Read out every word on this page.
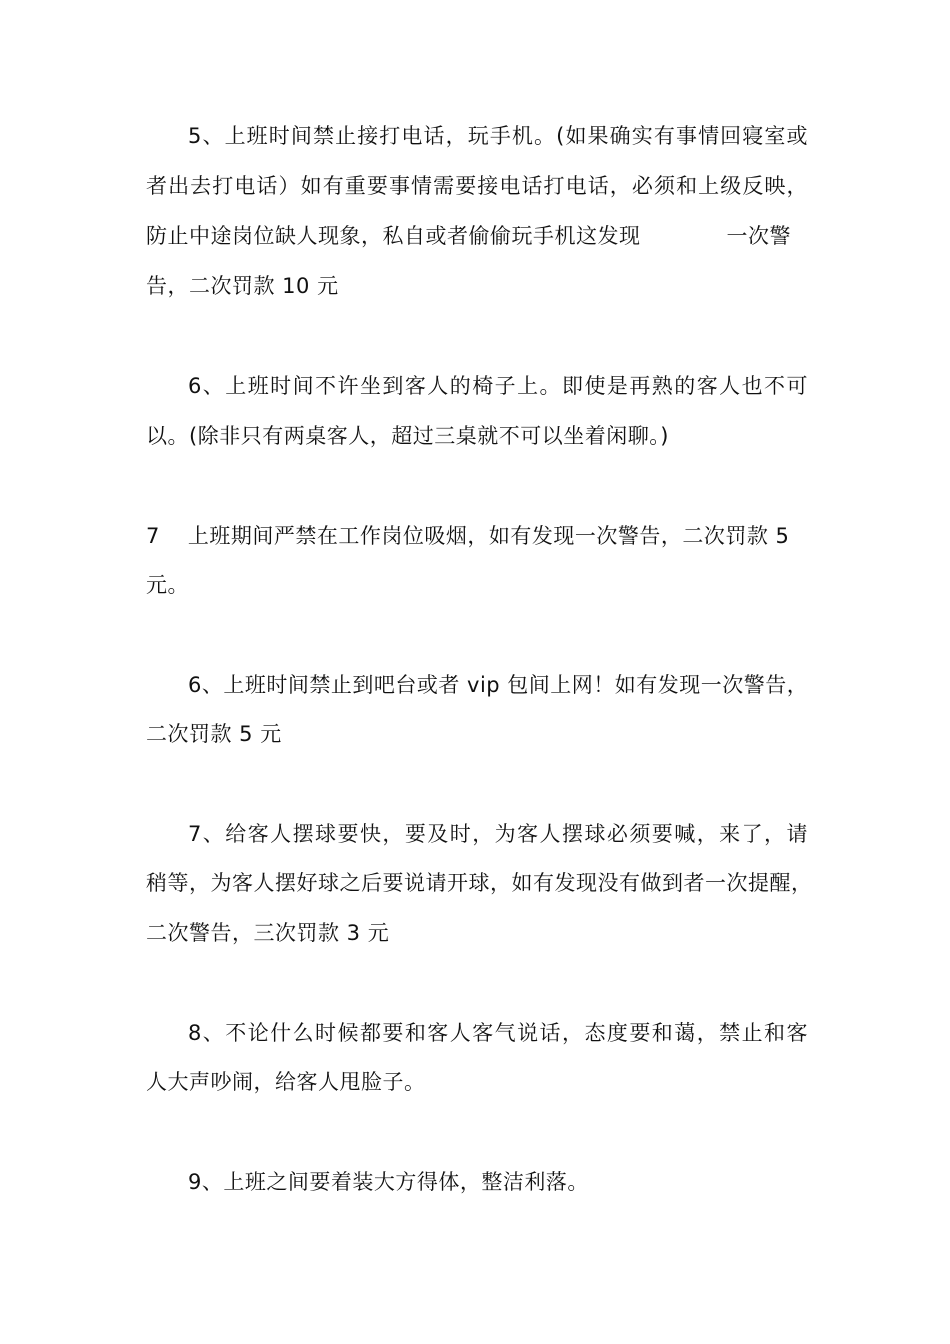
5、上班时间禁止接打电话，玩手机。(如果确实有事情回寝室或
者出去打电话）如有重要事情需要接电话打电话，必须和上级反映，
防止中途岗位缺人现象，私自或者偷偷玩手机这发现	一次警
告，二次罚款 10 元
6、上班时间不许坐到客人的椅子上。即使是再熟的客人也不可
以。(除非只有两桌客人，超过三桌就不可以坐着闲聊。)
7 上班期间严禁在工作岗位吸烟，如有发现一次警告，二次罚款 5
元。
6、上班时间禁止到吧台或者 vip 包间上网！如有发现一次警告，
二次罚款 5 元
7、给客人摆球要快，要及时，为客人摆球必须要喊，来了，请
稍等，为客人摆好球之后要说请开球，如有发现没有做到者一次提醒，
二次警告，三次罚款 3 元
8、不论什么时候都要和客人客气说话，态度要和蔼，禁止和客
人大声吵闹，给客人甩脸子。
9、上班之间要着装大方得体，整洁利落。
